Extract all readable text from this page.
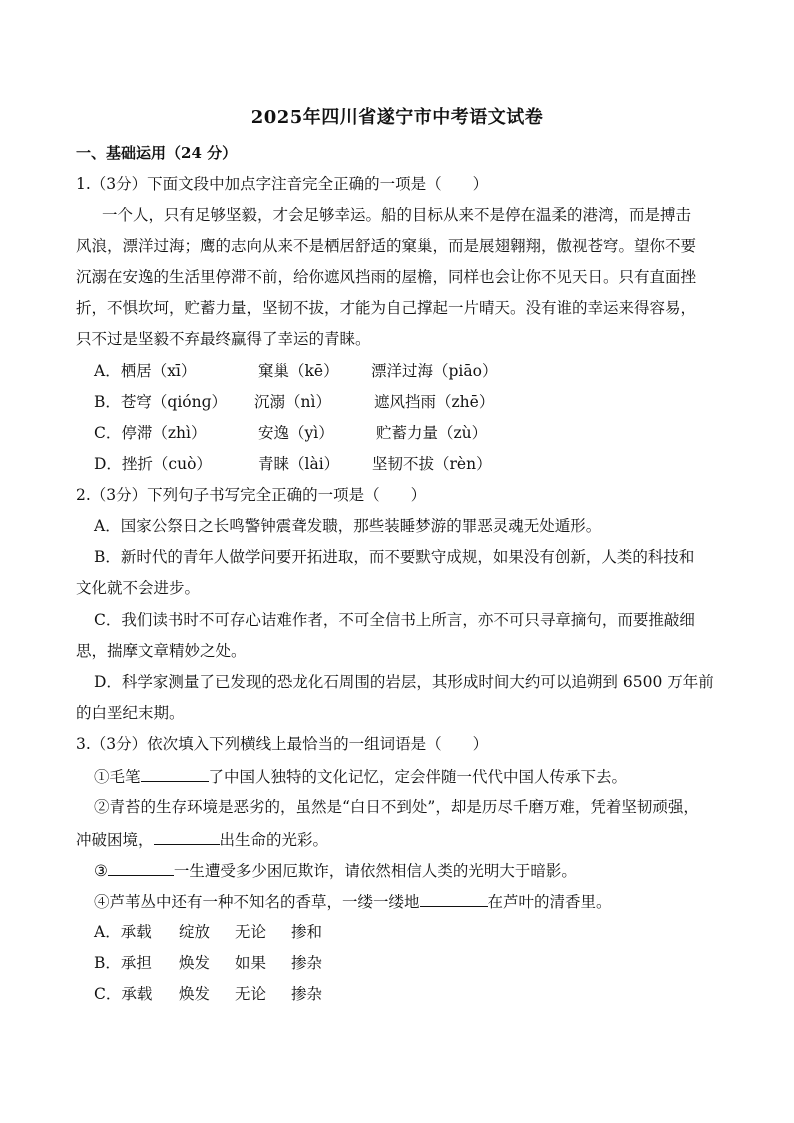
2025年四川省遂宁市中考语文试卷
一、基础运用（24 分）
1.（3分）下面文段中加点字注音完全正确的一项是（　　）
一个人，只有足够坚毅，才会足够幸运。船的目标从来不是停在温柔的港湾，而是搏击
风浪，漂洋过海；鹰的志向从来不是栖居舒适的窠巢，而是展翅翱翔，傲视苍穹。望你不要
沉溺在安逸的生活里停滞不前，给你遮风挡雨的屋檐，同样也会让你不见天日。只有直面挫
折，不惧坎坷，贮蓄力量，坚韧不拔，才能为自己撑起一片晴天。没有谁的幸运来得容易，
只不过是坚毅不弃最终赢得了幸运的青睐。
A．栖居（xī）	窠巢（kē） 漂洋过海（piāo）
B．苍穹（qiónɡ） 沉溺（nì）	遮风挡雨（zhē）
C．停滞（zhì）	安逸（yì）	贮蓄力量（zù）
D．挫折（cuò）	青睐（lài） 坚韧不拔（rèn）
2.（3分）下列句子书写完全正确的一项是（　　）
A．国家公祭日之长鸣警钟震聋发聩，那些装睡梦游的罪恶灵魂无处遁形。
B．新时代的青年人做学问要开拓进取，而不要默守成规，如果没有创新，人类的科技和
文化就不会进步。
C．我们读书时不可存心诘难作者，不可全信书上所言，亦不可只寻章摘句，而要推敲细
思，揣摩文章精妙之处。
D．科学家测量了已发现的恐龙化石周围的岩层，其形成时间大约可以追朔到 6500 万年前
的白垩纪末期。
3.（3分）依次填入下列横线上最恰当的一组词语是（　　）
①毛笔	了中国人独特的文化记忆，定会伴随一代代中国人传承下去。
②青苔的生存环境是恶劣的，虽然是“白日不到处”，却是历尽千磨万难，凭着坚韧顽强，
冲破困境，	出生命的光彩。
③	一生遭受多少困厄欺诈，请依然相信人类的光明大于暗影。
④芦苇丛中还有一种不知名的香草，一缕一缕地	在芦叶的清香里。
A．承载 绽放 无论 掺和
B．承担 焕发 如果 掺杂
C．承载 焕发 无论 掺杂
